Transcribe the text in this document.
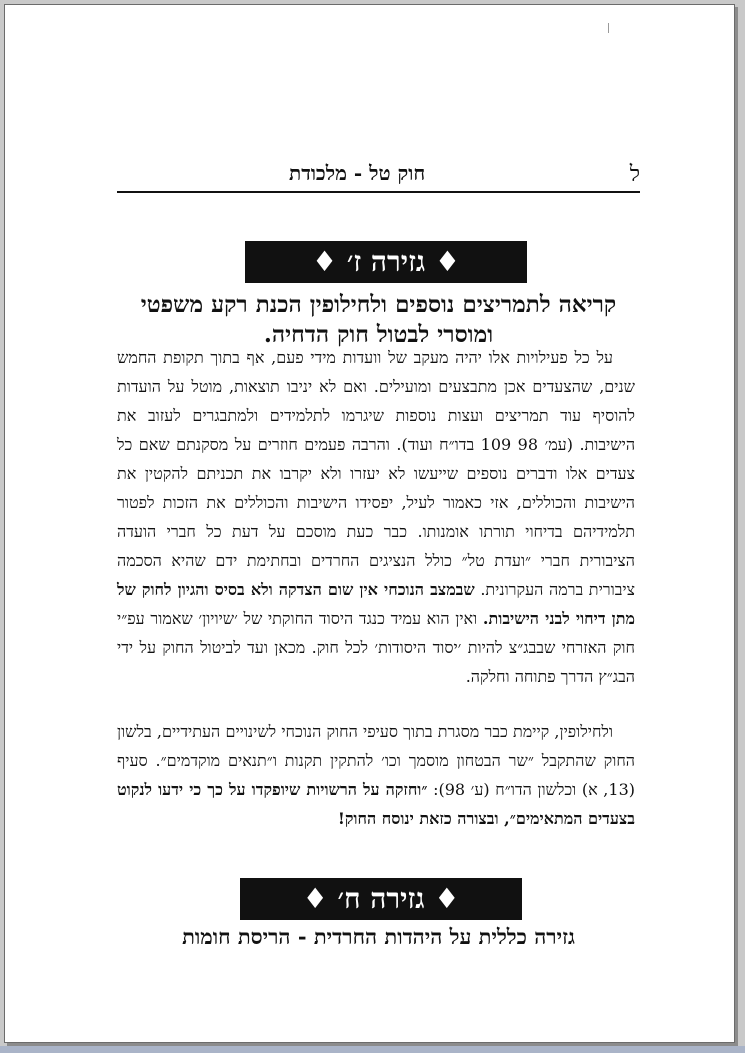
חוק טל - מלכודת	ל
♦ גזירה ז׳ ♦
קריאה לתמריצים נוספים ולחילופין הכנת רקע משפטי ומוסרי לבטול חוק הדחיה.

על כל פעילויות אלו יהיה מעקב של וועדות מידי פעם, אף בתוך תקופת החמש שנים, שהצעדים אכן מתבצעים ומועילים. ואם לא יניבו תוצאות, מוטל על הועדות להוסיף עוד תמריצים ועצות נוספות שיגרמו לתלמידים ולמתבגרים לעזוב את הישיבות. (עמ׳ 98 109 בדו״ח ועוד). והרבה פעמים חוזרים על מסקנתם שאם כל צעדים אלו ודברים נוספים שייעשו לא יעזרו ולא יקרבו את תכניתם להקטין את הישיבות והכוללים, אזי כאמור לעיל, יפסידו הישיבות והכוללים את הזכות לפטור תלמידיהם בדיחוי תורתו אומנותו. כבר כעת מוסכם על דעת כל חברי הועדה הציבורית חברי ״ועדת טל״ כולל הנציגים החרדים ובחתימת ידם שהיא הסכמה ציבורית ברמה העקרונית. שבמצב הנוכחי אין שום הצדקה ולא בסיס והגיון לחוק של מתן דיחוי לבני הישיבות. ואין הוא עמיד כנגד היסוד החוקתי של ׳שיויון׳ שאמור עפ״י חוק האזרחי שבבג״צ להיות ׳יסוד היסודות׳ לכל חוק. מכאן ועד לביטול החוק על ידי הבג״ץ הדרך פתוחה וחלקה.

ולחילופין, קיימת כבר מסגרת בתוך סעיפי החוק הנוכחי לשינויים העתידיים, בלשון החוק שהתקבל ״שר הבטחון מוסמך וכו׳ להתקין תקנות ו״תנאים מוקדמים״. סעיף (13, א) וכלשון הדו״ח (ע׳ 98): ״וחזקה על הרשויות שיופקדו על כך כי ידעו לנקוט בצעדים המתאימים״, ובצורה כזאת ינוסח החוק!

♦ גזירה ח׳ ♦
גזירה כללית על היהדות החרדית - הריסת חומות
